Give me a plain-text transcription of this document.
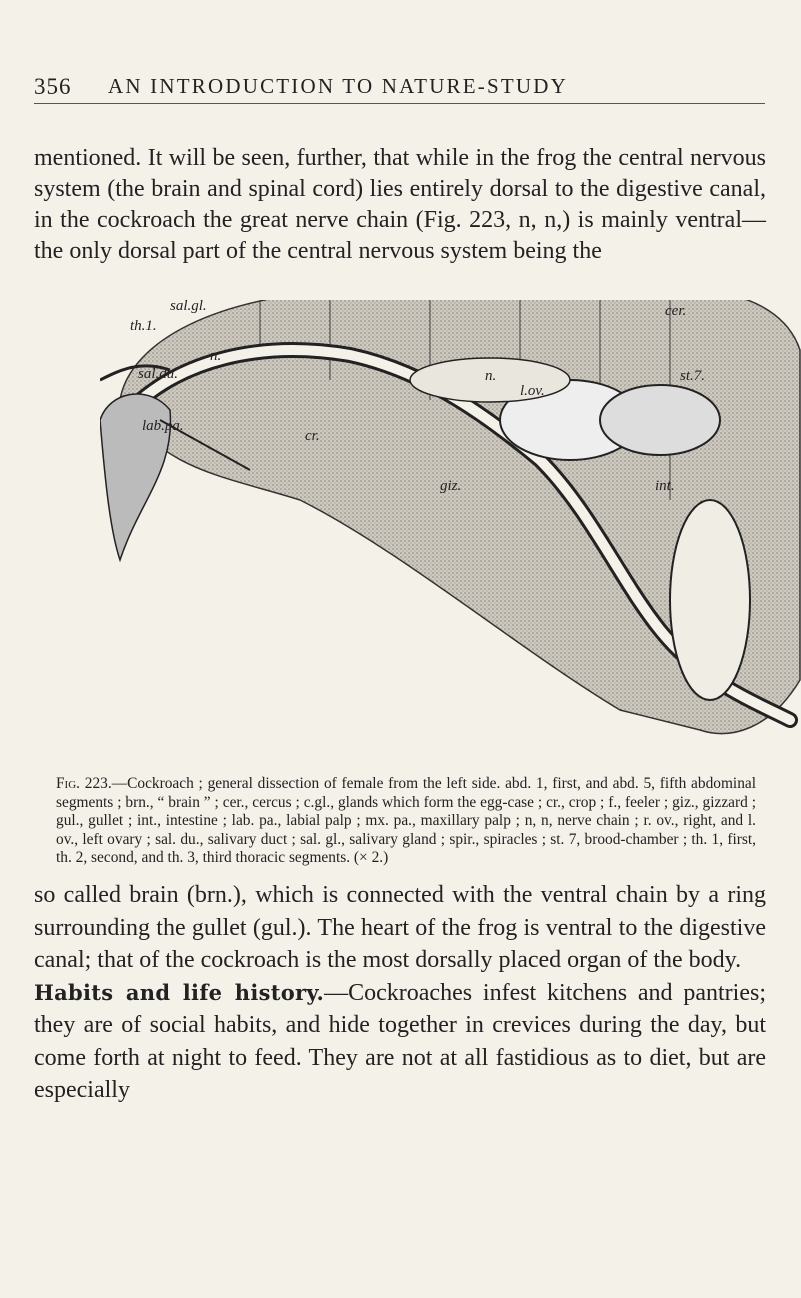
356 AN INTRODUCTION TO NATURE-STUDY

mentioned. It will be seen, further, that while in the frog the central nervous system (the brain and spinal cord) lies entirely dorsal to the digestive canal, in the cockroach the great nerve chain (Fig. 223, n, n,) is mainly ventral— the only dorsal part of the central nervous system being the

th.1.
sal.gl.	cer.
st.7.
sal.du.
n.
lab.pa.
cr.
n.
l.ov.
giz.	int.

Fig. 223.—Cockroach ; general dissection of female from the left side. abd. 1, first, and abd. 5, fifth abdominal segments ; brn., “ brain ” ; cer., cercus ; c.gl., glands which form the egg-case ; cr., crop ; f., feeler ; giz., gizzard ; gul., gullet ; int., intestine ; lab. pa., labial palp ; mx. pa., maxillary palp ; n, n, nerve chain ; r. ov., right, and l. ov., left ovary ; sal. du., salivary duct ; sal. gl., salivary gland ; spir., spiracles ; st. 7, brood-chamber ; th. 1, first, th. 2, second, and th. 3, third thoracic segments. (× 2.)

so called brain (brn.), which is connected with the ventral chain by a ring surrounding the gullet (gul.). The heart of the frog is ventral to the digestive canal; that of the cockroach is the most dorsally placed organ of the body.
Habits and life history.—Cockroaches infest kitchens and pantries; they are of social habits, and hide together in crevices during the day, but come forth at night to feed. They are not at all fastidious as to diet, but are especially
